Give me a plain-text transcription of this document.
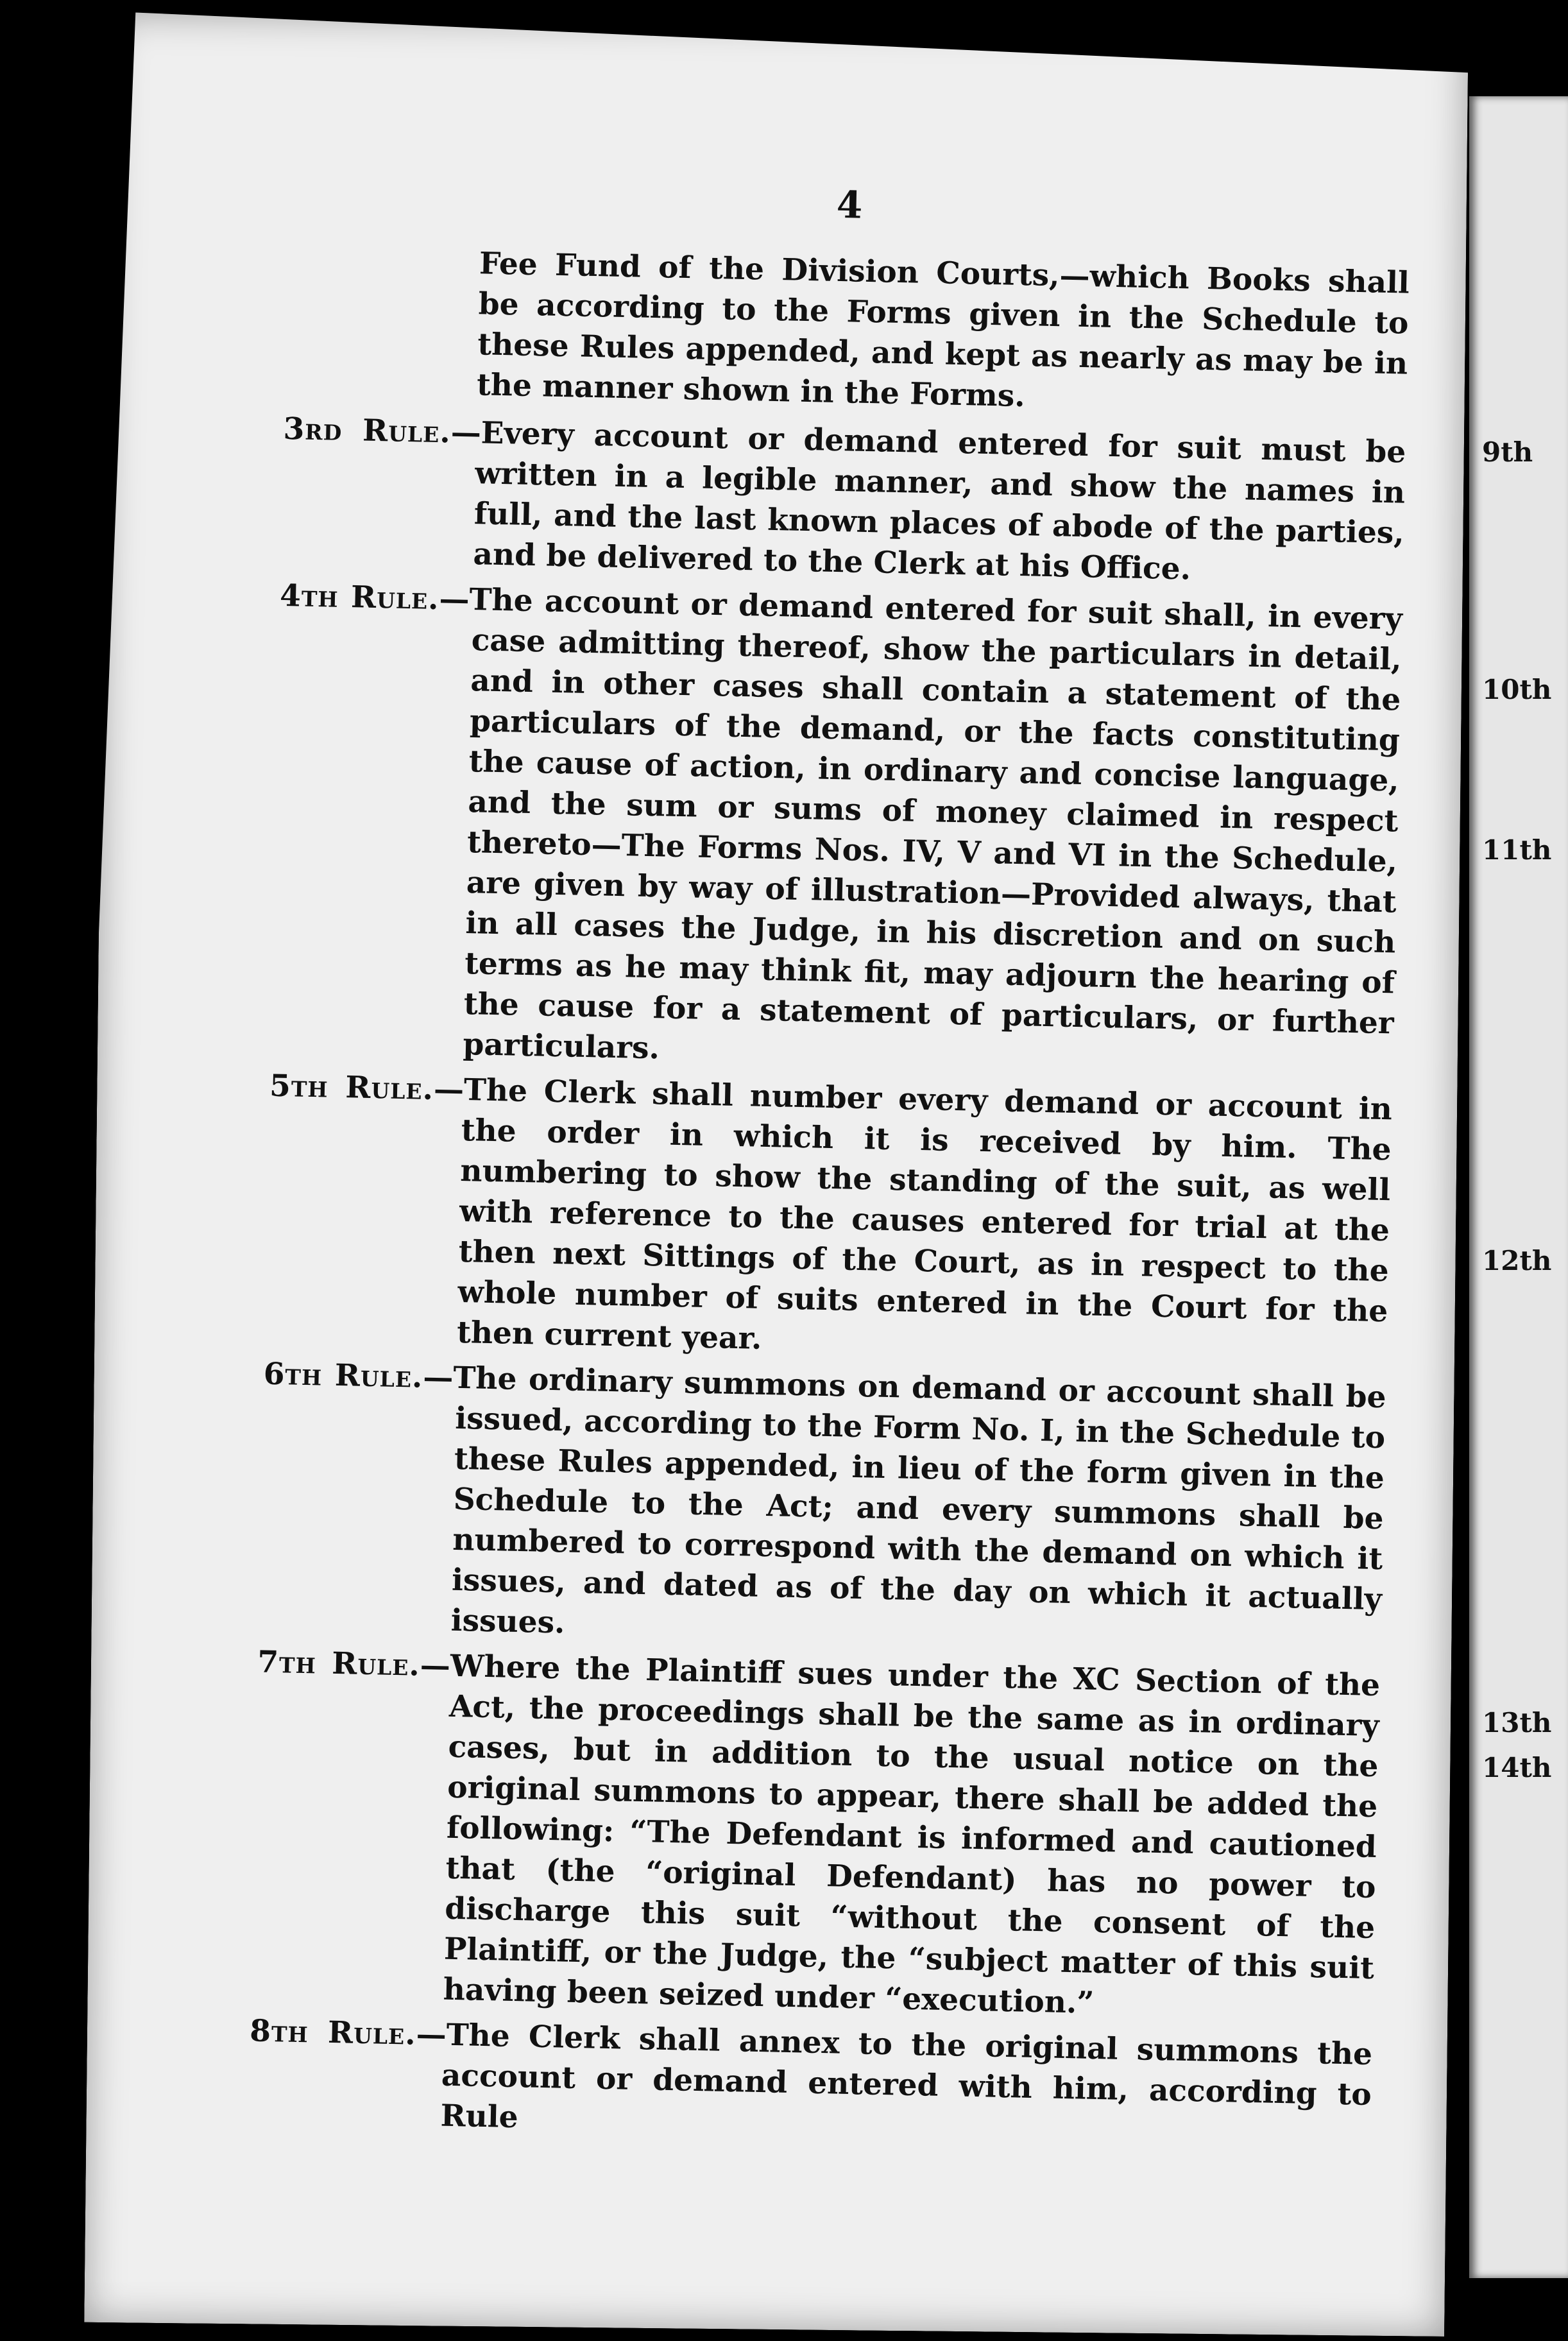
4

Fee Fund of the Division Courts,—which Books shall be according to the Forms given in the Schedule to these Rules appended, and kept as nearly as may be in the manner shown in the Forms.

3rd Rule.—Every account or demand entered for suit must be written in a legible manner, and show the names in full, and the last known places of abode of the parties, and be delivered to the Clerk at his Office.

4th Rule.—The account or demand entered for suit shall, in every case admitting thereof, show the particulars in detail, and in other cases shall contain a statement of the particulars of the demand, or the facts constituting the cause of action, in ordinary and concise language, and the sum or sums of money claimed in respect thereto—The Forms Nos. IV, V and VI in the Schedule, are given by way of illustration—Provided always, that in all cases the Judge, in his discretion and on such terms as he may think fit, may adjourn the hearing of the cause for a statement of particulars, or further particulars.

5th Rule.—The Clerk shall number every demand or account in the order in which it is received by him. The numbering to show the standing of the suit, as well with reference to the causes entered for trial at the then next Sittings of the Court, as in respect to the whole number of suits entered in the Court for the then current year.

6th Rule.—The ordinary summons on demand or account shall be issued, according to the Form No. I, in the Schedule to these Rules appended, in lieu of the form given in the Schedule to the Act; and every summons shall be numbered to correspond with the demand on which it issues, and dated as of the day on which it actually issues.

7th Rule.—Where the Plaintiff sues under the XC Section of the Act, the proceedings shall be the same as in ordinary cases, but in addition to the usual notice on the original summons to appear, there shall be added the following: “The Defendant is informed and cautioned that (the “original Defendant) has no power to discharge this suit “without the consent of the Plaintiff, or the Judge, the “subject matter of this suit having been seized under “execution.”

8th Rule.—The Clerk shall annex to the original summons the account or demand entered with him, according to Rule

9th
10th
11th
12th
13th
14th
